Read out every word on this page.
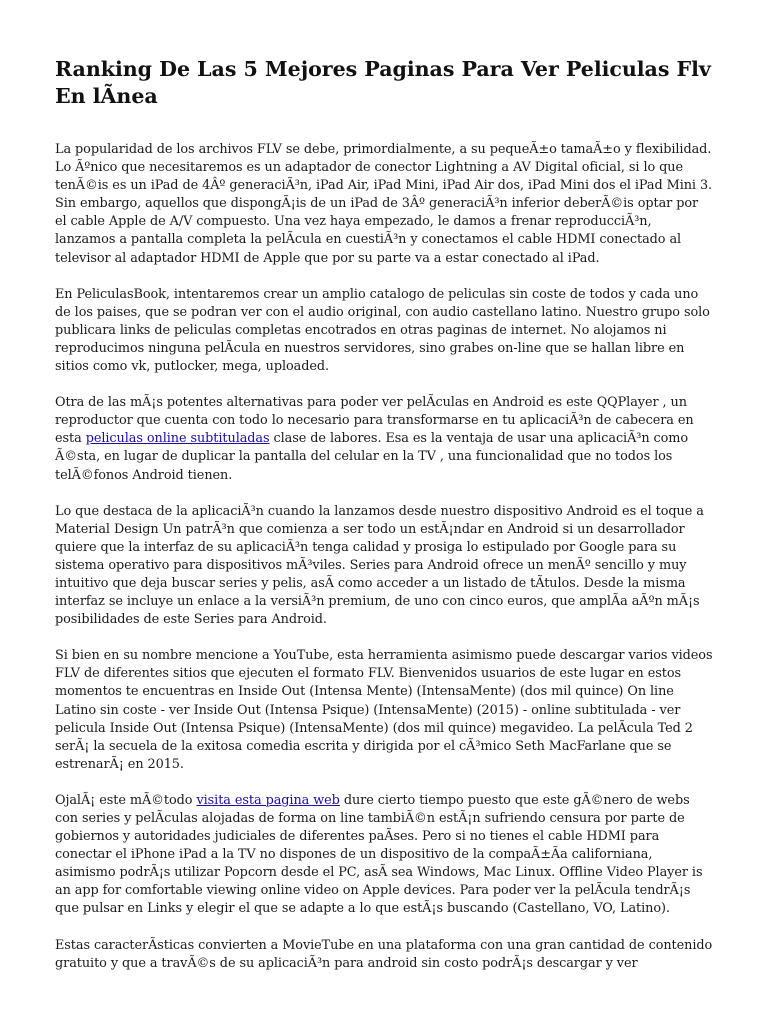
Ranking De Las 5 Mejores Paginas Para Ver Peliculas Flv En lÃnea

La popularidad de los archivos FLV se debe, primordialmente, a su pequeÃ±o tamaÃ±o y flexibilidad. Lo Ãºnico que necesitaremos es un adaptador de conector Lightning a AV Digital oficial, si lo que tenÃ©is es un iPad de 4Âº generaciÃ³n, iPad Air, iPad Mini, iPad Air dos, iPad Mini dos el iPad Mini 3. Sin embargo, aquellos que dispongÃ¡is de un iPad de 3Âº generaciÃ³n inferior deberÃ©is optar por el cable Apple de A/V compuesto. Una vez haya empezado, le damos a frenar reproducciÃ³n, lanzamos a pantalla completa la pelÃcula en cuestiÃ³n y conectamos el cable HDMI conectado al televisor al adaptador HDMI de Apple que por su parte va a estar conectado al iPad.

En PeliculasBook, intentaremos crear un amplio catalogo de peliculas sin coste de todos y cada uno de los paises, que se podran ver con el audio original, con audio castellano latino. Nuestro grupo solo publicara links de peliculas completas encotrados en otras paginas de internet. No alojamos ni reproducimos ninguna pelÃcula en nuestros servidores, sino grabes on-line que se hallan libre en sitios como vk, putlocker, mega, uploaded.

Otra de las mÃ¡s potentes alternativas para poder ver pelÃculas en Android es este QQPlayer , un reproductor que cuenta con todo lo necesario para transformarse en tu aplicaciÃ³n de cabecera en esta peliculas online subtituladas clase de labores. Esa es la ventaja de usar una aplicaciÃ³n como Ã©sta, en lugar de duplicar la pantalla del celular en la TV , una funcionalidad que no todos los telÃ©fonos Android tienen.

Lo que destaca de la aplicaciÃ³n cuando la lanzamos desde nuestro dispositivo Android es el toque a Material Design Un patrÃ³n que comienza a ser todo un estÃ¡ndar en Android si un desarrollador quiere que la interfaz de su aplicaciÃ³n tenga calidad y prosiga lo estipulado por Google para su sistema operativo para dispositivos mÃ³viles. Series para Android ofrece un menÃº sencillo y muy intuitivo que deja buscar series y pelis, asÃ como acceder a un listado de tÃtulos. Desde la misma interfaz se incluye un enlace a la versiÃ³n premium, de uno con cinco euros, que amplÃa aÃºn mÃ¡s posibilidades de este Series para Android.

Si bien en su nombre mencione a YouTube, esta herramienta asimismo puede descargar varios videos FLV de diferentes sitios que ejecuten el formato FLV. Bienvenidos usuarios de este lugar en estos momentos te encuentras en Inside Out (Intensa Mente) (IntensaMente) (dos mil quince) On line Latino sin coste - ver Inside Out (Intensa Psique) (IntensaMente) (2015) - online subtitulada - ver pelicula Inside Out (Intensa Psique) (IntensaMente) (dos mil quince) megavideo. La pelÃcula Ted 2 serÃ¡ la secuela de la exitosa comedia escrita y dirigida por el cÃ³mico Seth MacFarlane que se estrenarÃ¡ en 2015.

OjalÃ¡ este mÃ©todo visita esta pagina web dure cierto tiempo puesto que este gÃ©nero de webs con series y pelÃculas alojadas de forma on line tambiÃ©n estÃ¡n sufriendo censura por parte de gobiernos y autoridades judiciales de diferentes paÃses. Pero si no tienes el cable HDMI para conectar el iPhone iPad a la TV no dispones de un dispositivo de la compaÃ±Ãa californiana, asimismo podrÃ¡s utilizar Popcorn desde el PC, asÃ sea Windows, Mac Linux. Offline Video Player is an app for comfortable viewing online video on Apple devices. Para poder ver la pelÃcula tendrÃ¡s que pulsar en Links y elegir el que se adapte a lo que estÃ¡s buscando (Castellano, VO, Latino).

Estas caracterÃsticas convierten a MovieTube en una plataforma con una gran cantidad de contenido gratuito y que a travÃ©s de su aplicaciÃ³n para android sin costo podrÃ¡s descargar y ver
